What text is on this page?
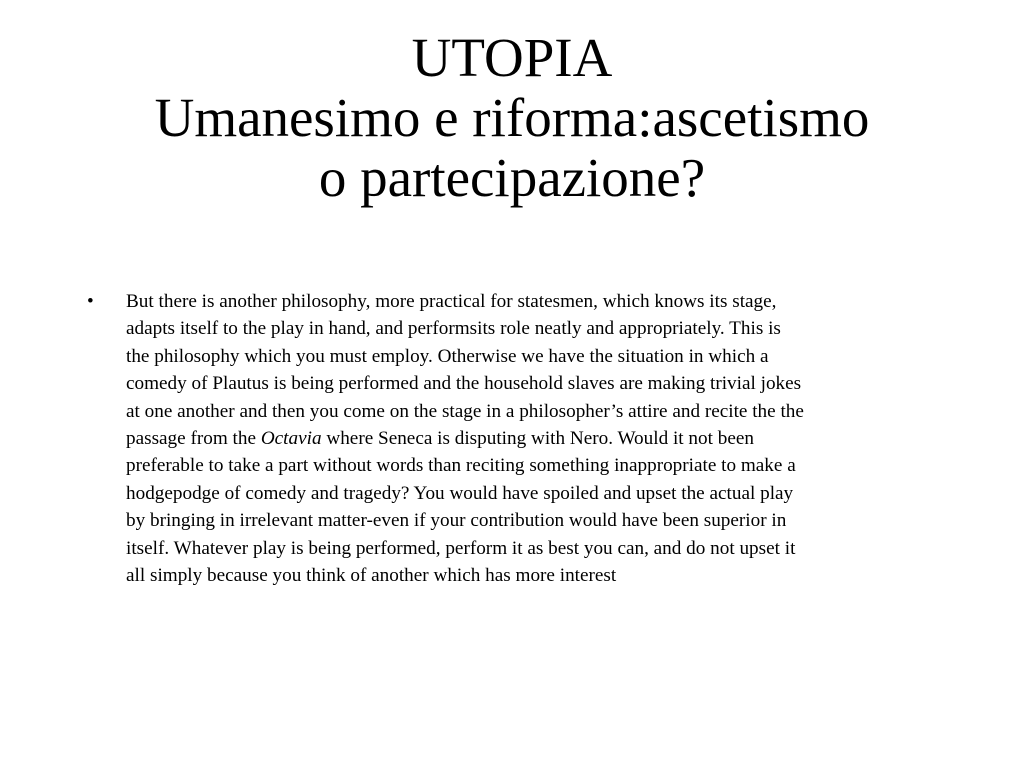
UTOPIA
Umanesimo e riforma:ascetismo
o partecipazione?
• But there is another philosophy, more practical for statesmen, which knows its stage,
adapts itself to the play in hand, and performsits role neatly and appropriately. This is
the philosophy which you must employ. Otherwise we have the situation in which a
comedy of Plautus is being performed and the household slaves are making trivial jokes
at one another and then you come on the stage in a philosopher’s attire and recite the the
passage from the Octavia where Seneca is disputing with Nero. Would it not been
preferable to take a part without words than reciting something inappropriate to make a
hodgepodge of comedy and tragedy? You would have spoiled and upset the actual play
by bringing in irrelevant matter-even if your contribution would have been superior in
itself. Whatever play is being performed, perform it as best you can, and do not upset it
all simply because you think of another which has more interest
